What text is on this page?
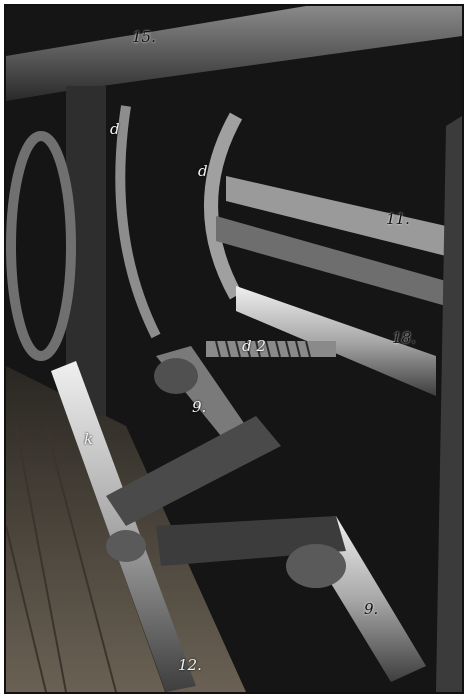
15.
d
d
11.
18.
d 2
9.
k
9.
12.
